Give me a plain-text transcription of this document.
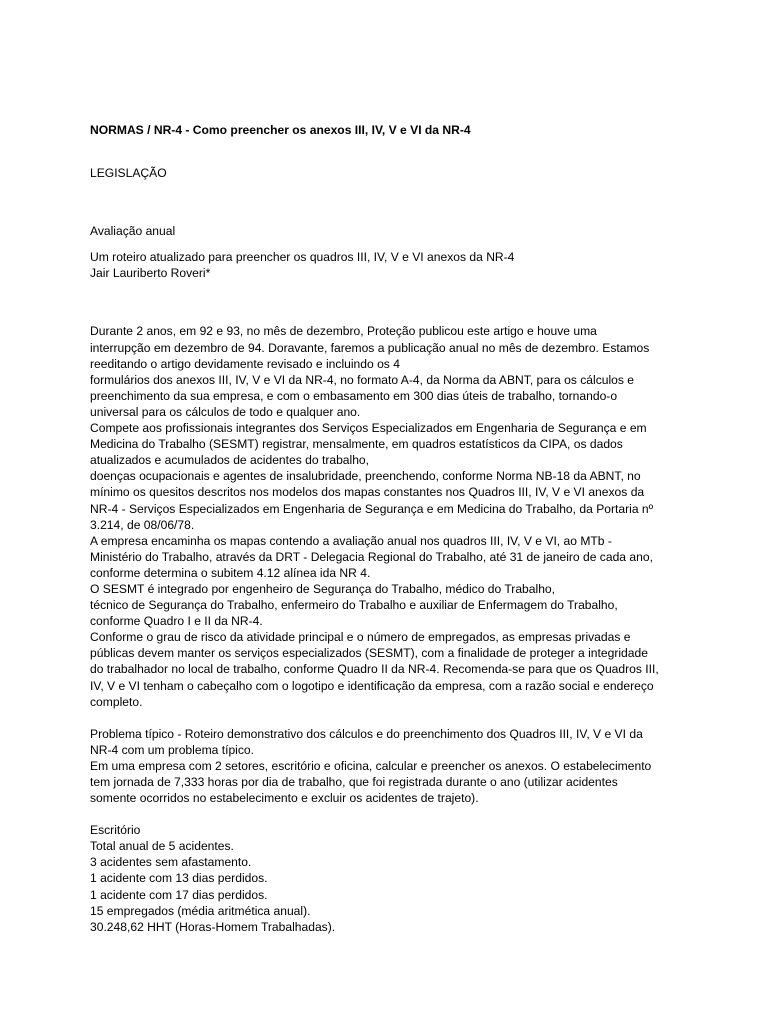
NORMAS / NR-4 - Como preencher os anexos III, IV, V e VI da NR-4
LEGISLAÇÃO
Avaliação anual
Um roteiro atualizado para preencher os quadros III, IV, V e VI anexos da NR-4
Jair Lauriberto Roveri*
Durante 2 anos, em 92 e 93, no mês de dezembro, Proteção publicou este artigo e houve uma
interrupção em dezembro de 94. Doravante, faremos a publicação anual no mês de dezembro. Estamos
reeditando o artigo devidamente revisado e incluindo os 4
formulários dos anexos III, IV, V e VI da NR-4, no formato A-4, da Norma da ABNT, para os cálculos e
preenchimento da sua empresa, e com o embasamento em 300 dias úteis de trabalho, tornando-o
universal para os cálculos de todo e qualquer ano.
Compete aos profissionais integrantes dos Serviços Especializados em Engenharia de Segurança e em
Medicina do Trabalho (SESMT) registrar, mensalmente, em quadros estatísticos da CIPA, os dados
atualizados e acumulados de acidentes do trabalho,
doenças ocupacionais e agentes de insalubridade, preenchendo, conforme Norma NB-18 da ABNT, no
mínimo os quesitos descritos nos modelos dos mapas constantes nos Quadros III, IV, V e VI anexos da
NR-4 - Serviços Especializados em Engenharia de Segurança e em Medicina do Trabalho, da Portaria nº
3.214, de 08/06/78.
A empresa encaminha os mapas contendo a avaliação anual nos quadros III, IV, V e VI, ao MTb -
Ministério do Trabalho, através da DRT - Delegacia Regional do Trabalho, até 31 de janeiro de cada ano,
conforme determina o subitem 4.12 alínea ida NR 4.
O SESMT é integrado por engenheiro de Segurança do Trabalho, médico do Trabalho,
técnico de Segurança do Trabalho, enfermeiro do Trabalho e auxiliar de Enfermagem do Trabalho,
conforme Quadro I e II da NR-4.
Conforme o grau de risco da atividade principal e o número de empregados, as empresas privadas e
públicas devem manter os serviços especializados (SESMT), com a finalidade de proteger a integridade
do trabalhador no local de trabalho, conforme Quadro II da NR-4. Recomenda-se para que os Quadros III,
IV, V e VI tenham o cabeçalho com o logotipo e identificação da empresa, com a razão social e endereço
completo.
Problema típico - Roteiro demonstrativo dos cálculos e do preenchimento dos Quadros III, IV, V e VI da
NR-4 com um problema típico.
Em uma empresa com 2 setores, escritório e oficina, calcular e preencher os anexos. O estabelecimento
tem jornada de 7,333 horas por dia de trabalho, que foi registrada durante o ano (utilizar acidentes
somente ocorridos no estabelecimento e excluir os acidentes de trajeto).
Escritório
Total anual de 5 acidentes.
3 acidentes sem afastamento.
1 acidente com 13 dias perdidos.
1 acidente com 17 dias perdidos.
15 empregados (média aritmética anual).
30.248,62 HHT (Horas-Homem Trabalhadas).
